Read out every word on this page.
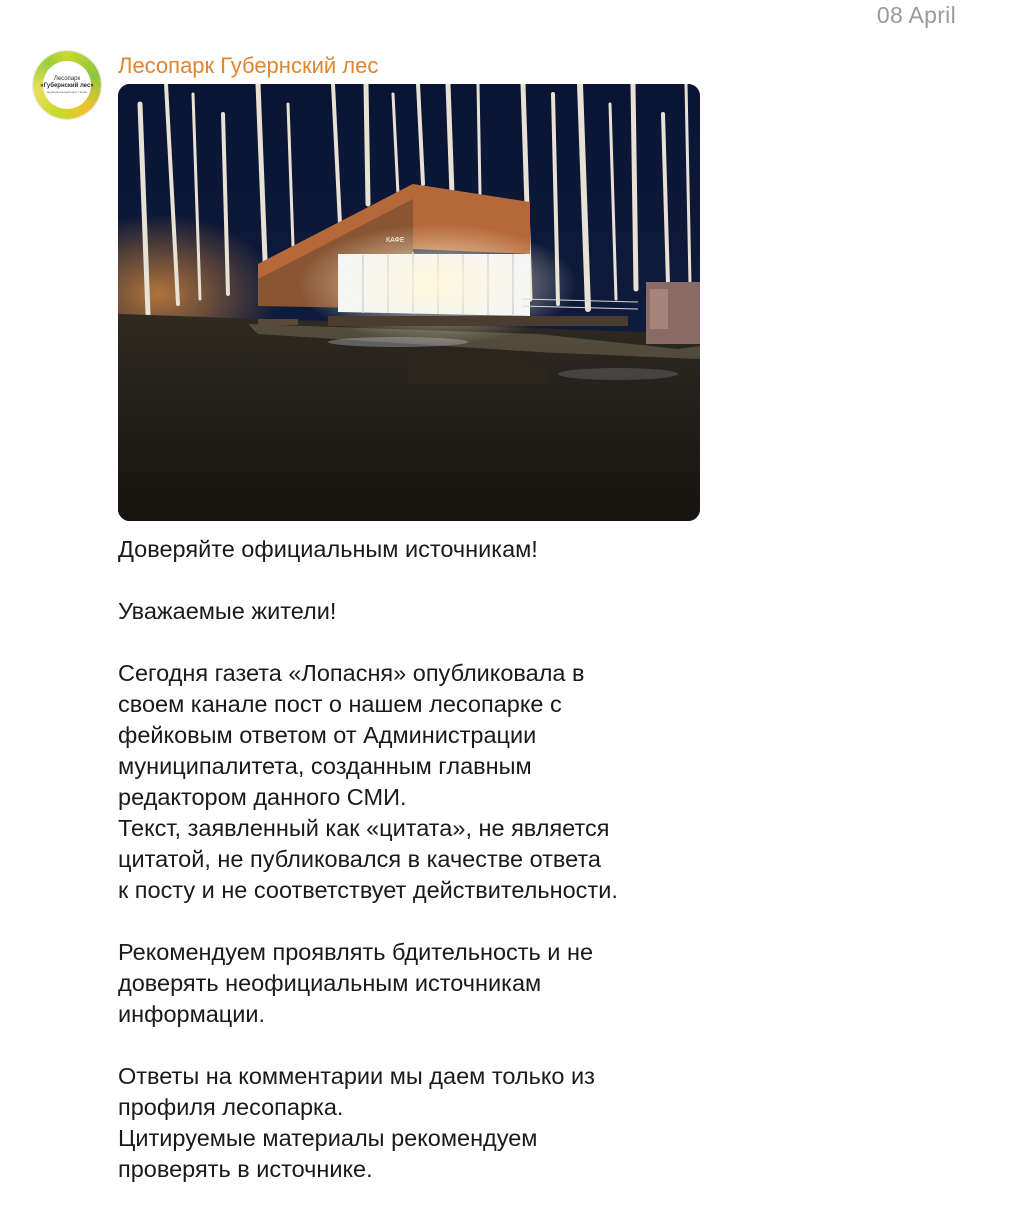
08 April
Лесопарк
«Губернский лес»
муниципальный округ Чехов
Лесопарк Губернский лес
КАФЕ

Доверяйте официальным источникам!

Уважаемые жители!

Сегодня газета «Лопасня» опубликовала в
своем канале пост о нашем лесопарке с
фейковым ответом от Администрации
муниципалитета, созданным главным
редактором данного СМИ.
Текст, заявленный как «цитата», не является
цитатой, не публиковался в качестве ответа
к посту и не соответствует действительности.

Рекомендуем проявлять бдительность и не
доверять неофициальным источникам
информации.

Ответы на комментарии мы даем только из
профиля лесопарка.
Цитируемые материалы рекомендуем
проверять в источнике.
